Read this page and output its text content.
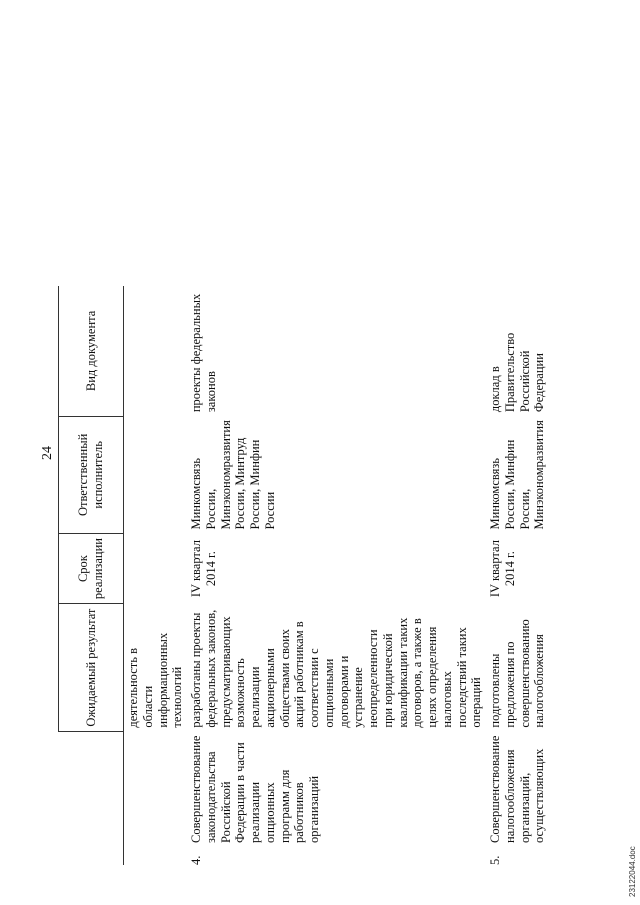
24
		Ожидаемый результат	Срок реализации	Ответственный исполнитель	Вид документа
		деятельность в области информационных технологий			
4.	Совершенствование законодательства Российской Федерации в части реализации опционных программ для работников организаций	разработаны проекты федеральных законов, предусматривающих возможность реализации акционерными обществами своих акций работникам в соответствии с опционными договорами и устранение неопределенности при юридической квалификации таких договоров, а также в целях определения налоговых последствий таких операций	IV квартал 2014 г.	Минкомсвязь России, Минэкономразвития России, Минтруд России, Минфин России	проекты федеральных законов
5.	Совершенствование налогообложения организаций, осуществляющих	подготовлены предложения по совершенствованию налогообложения	IV квартал 2014 г.	Минкомсвязь России, Минфин России, Минэкономразвития	доклад в Правительство Российской Федерации
23122044.doc
